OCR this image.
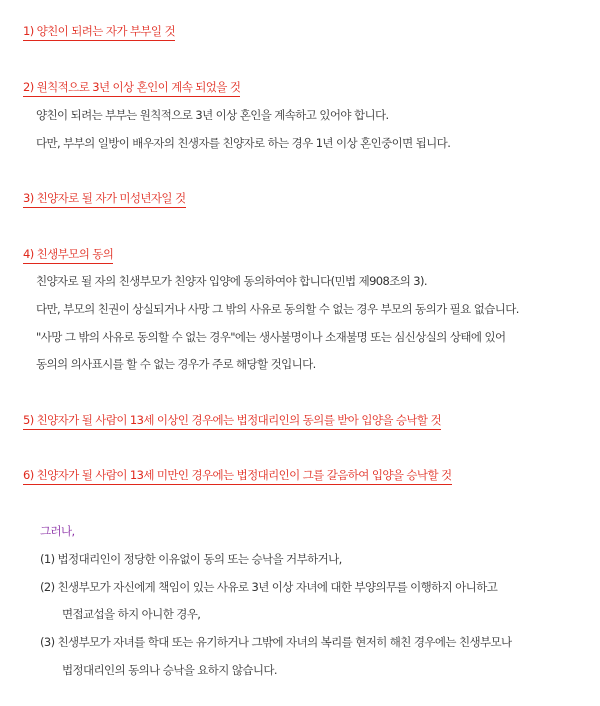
1) 양친이 되려는 자가 부부일 것
2) 원칙적으로 3년 이상 혼인이 계속 되었을 것
양친이 되려는 부부는 원칙적으로 3년 이상 혼인을 계속하고 있어야 합니다.
다만, 부부의 일방이 배우자의 친생자를 친양자로 하는 경우 1년 이상 혼인중이면 됩니다.
3) 친양자로 될 자가 미성년자일 것
4) 친생부모의 동의
친양자로 될 자의 친생부모가 친양자 입양에 동의하여야 합니다(민법 제908조의 3).
다만, 부모의 친권이 상실되거나 사망 그 밖의 사유로 동의할 수 없는 경우 부모의 동의가 필요 없습니다.
"사망 그 밖의 사유로 동의할 수 없는 경우"에는 생사불명이나 소재불명 또는 심신상실의 상태에 있어
동의의 의사표시를 할 수 없는 경우가 주로 해당할 것입니다.
5) 친양자가 될 사람이 13세 이상인 경우에는 법정대리인의 동의를 받아 입양을 승낙할 것
6) 친양자가 될 사람이 13세 미만인 경우에는 법정대리인이 그를 갈음하여 입양을 승낙할 것
그러나,
(1) 법정대리인이 정당한 이유없이 동의 또는 승낙을 거부하거나,
(2) 친생부모가 자신에게 책임이 있는 사유로 3년 이상 자녀에 대한 부양의무를 이행하지 아니하고
면접교섭을 하지 아니한 경우,
(3) 친생부모가 자녀를 학대 또는 유기하거나 그밖에 자녀의 복리를 현저히 해친 경우에는 친생부모나
법정대리인의 동의나 승낙을 요하지 않습니다.
